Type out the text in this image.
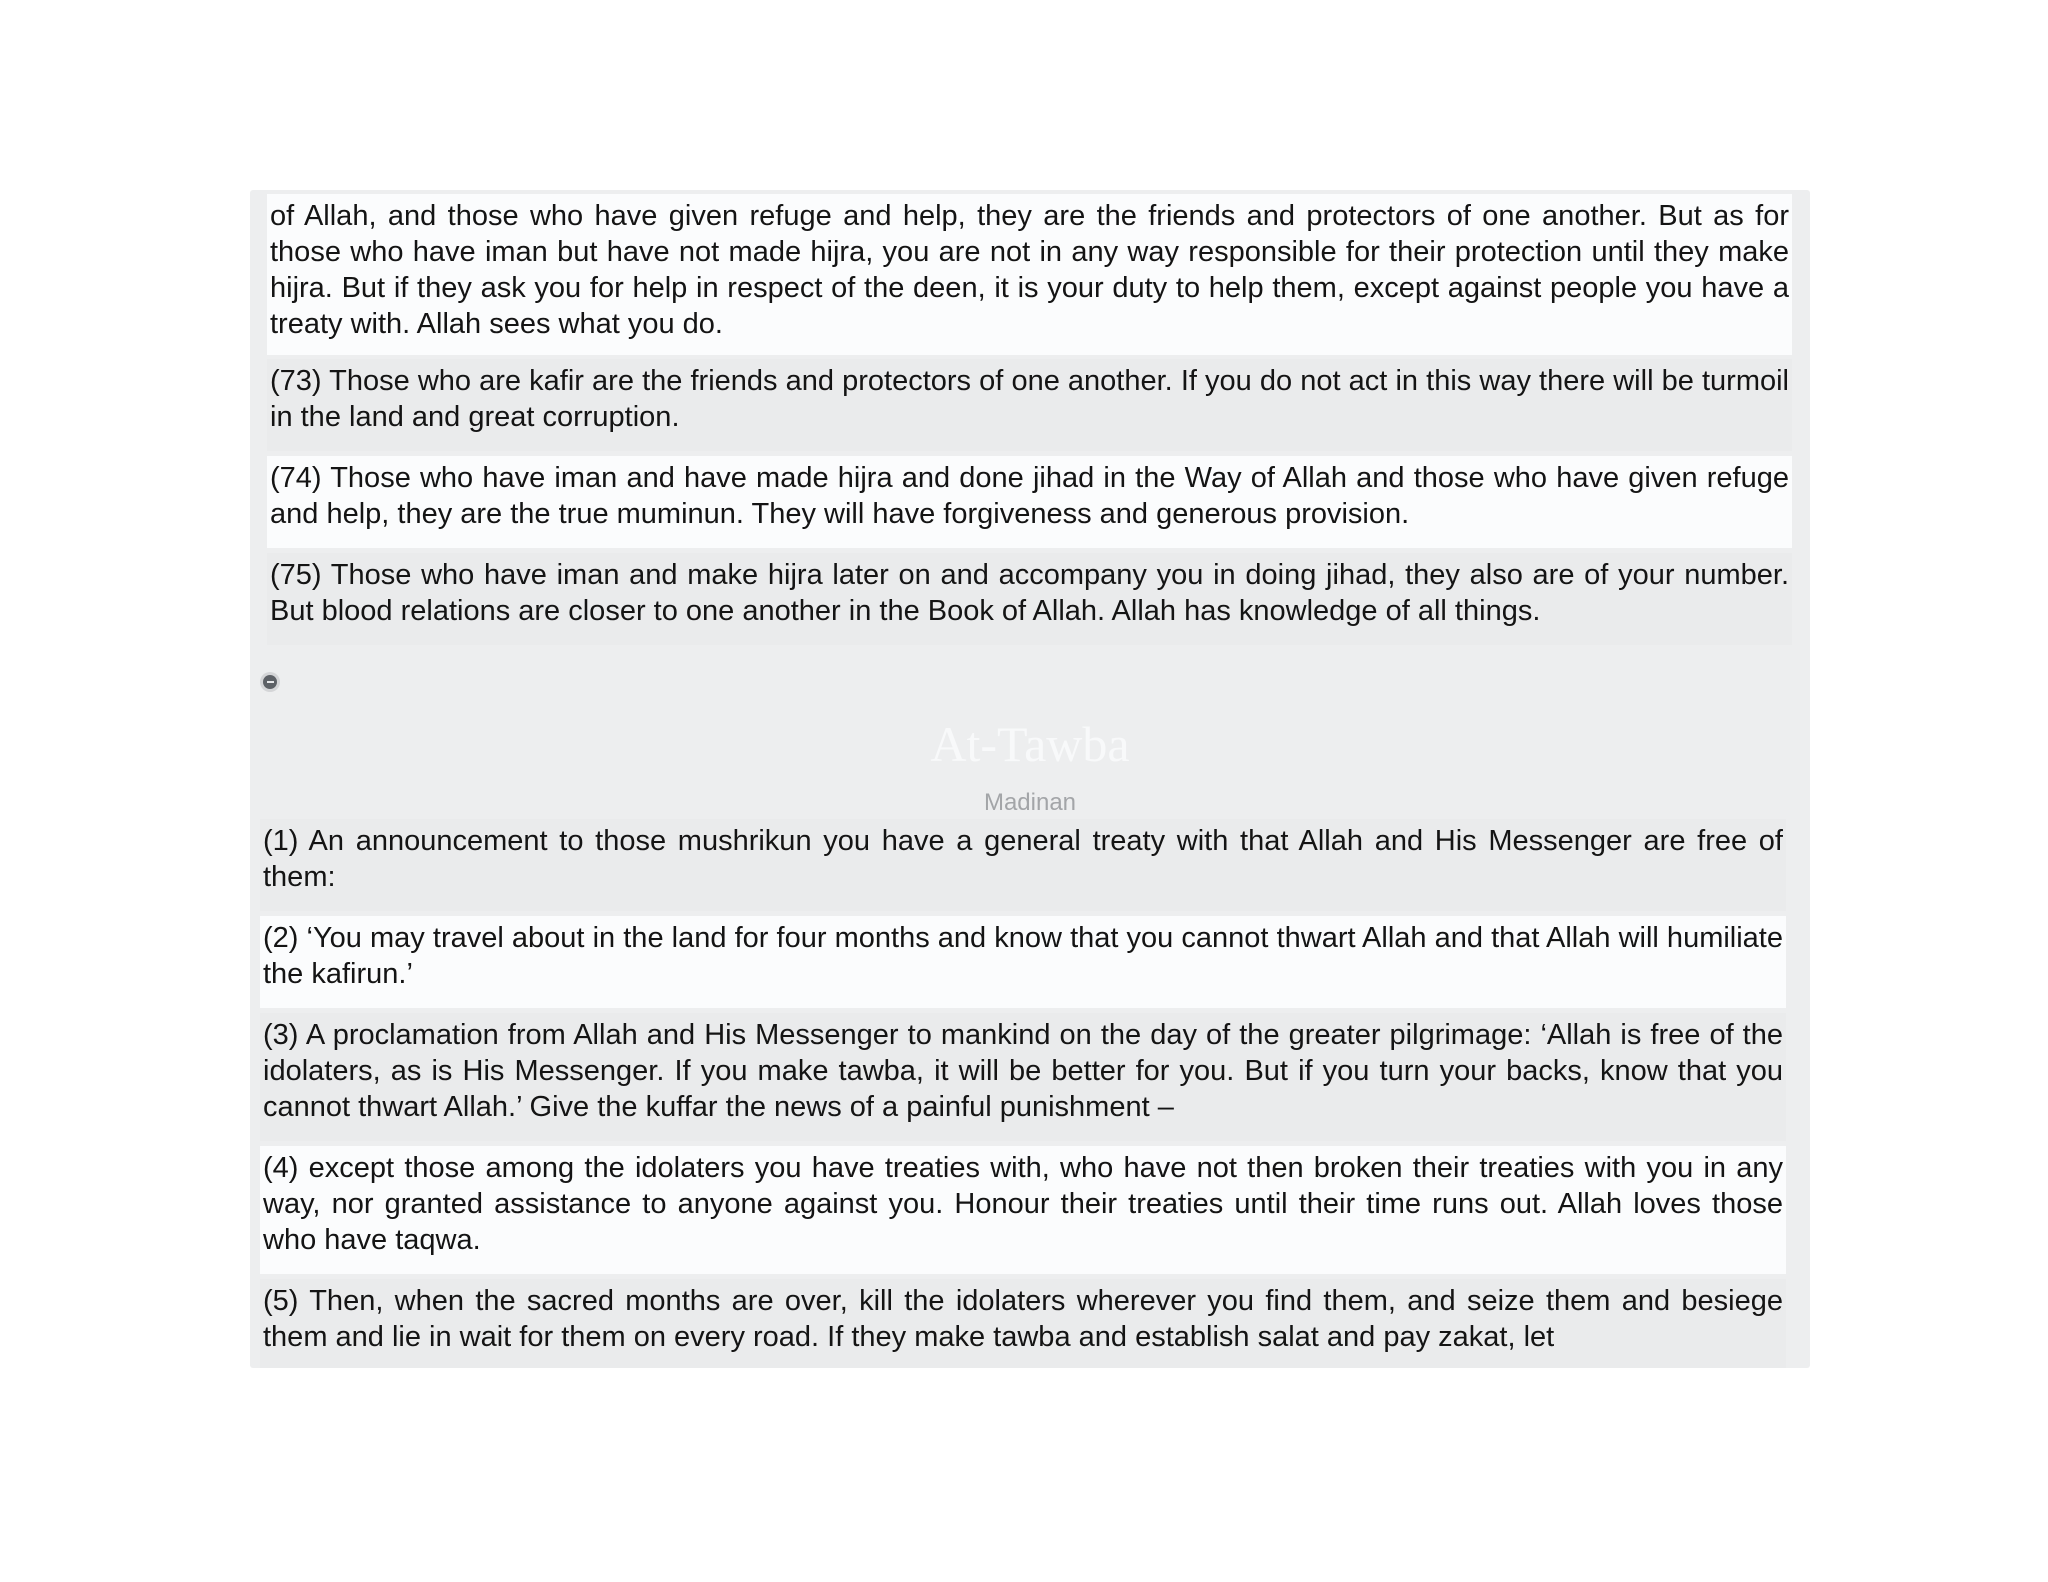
of Allah, and those who have given refuge and help, they are the friends and protectors of one another. But as for those who have iman but have not made hijra, you are not in any way responsible for their protection until they make hijra. But if they ask you for help in respect of the deen, it is your duty to help them, except against people you have a treaty with. Allah sees what you do.
(73) Those who are kafir are the friends and protectors of one another. If you do not act in this way there will be turmoil in the land and great corruption.
(74) Those who have iman and have made hijra and done jihad in the Way of Allah and those who have given refuge and help, they are the true muminun. They will have forgiveness and generous provision.
(75) Those who have iman and make hijra later on and accompany you in doing jihad, they also are of your number. But blood relations are closer to one another in the Book of Allah. Allah has knowledge of all things.
At-Tawba
Madinan
(1) An announcement to those mushrikun you have a general treaty with that Allah and His Messenger are free of them:
(2) ‘You may travel about in the land for four months and know that you cannot thwart Allah and that Allah will humiliate the kafirun.’
(3) A proclamation from Allah and His Messenger to mankind on the day of the greater pilgrimage: ‘Allah is free of the idolaters, as is His Messenger. If you make tawba, it will be better for you. But if you turn your backs, know that you cannot thwart Allah.’ Give the kuffar the news of a painful punishment –
(4) except those among the idolaters you have treaties with, who have not then broken their treaties with you in any way, nor granted assistance to anyone against you. Honour their treaties until their time runs out. Allah loves those who have taqwa.
(5) Then, when the sacred months are over, kill the idolaters wherever you find them, and seize them and besiege them and lie in wait for them on every road. If they make tawba and establish salat and pay zakat, let
